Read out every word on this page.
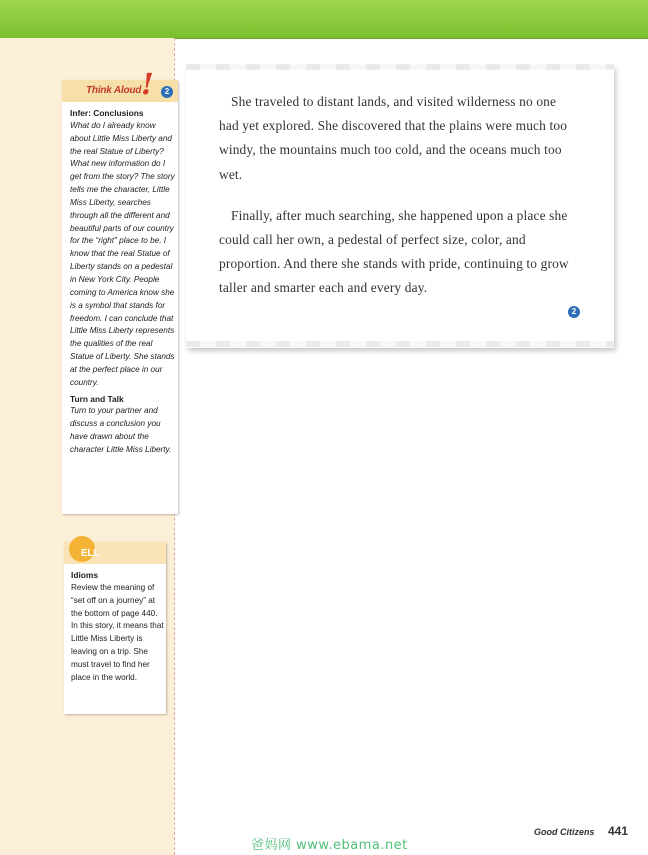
Think Aloud !	2
Infer: Conclusions
What do I already know about Little Miss Liberty and the real Statue of Liberty? What new information do I get from the story? The story tells me the character, Little Miss Liberty, searches through all the different and beautiful parts of our country for the “right” place to be. I know that the real Statue of Liberty stands on a pedestal in New York City. People coming to America know she is a symbol that stands for freedom. I can conclude that Little Miss Liberty represents the qualities of the real Statue of Liberty. She stands at the perfect place in our country.
Turn and Talk
Turn to your partner and discuss a conclusion you have drawn about the character Little Miss Liberty.
ELL
Idioms
Review the meaning of “set off on a journey” at the bottom of page 440. In this story, it means that Little Miss Liberty is leaving on a trip. She must travel to find her place in the world.

She traveled to distant lands, and visited wilderness no one had yet explored. She discovered that the plains were much too windy, the mountains much too cold, and the oceans much too wet.

Finally, after much searching, she happened upon a place she could call her own, a pedestal of perfect size, color, and proportion. And there she stands with pride, continuing to grow taller and smarter each and every day.

2
爸妈网 www.ebama.net
Good Citizens 441
